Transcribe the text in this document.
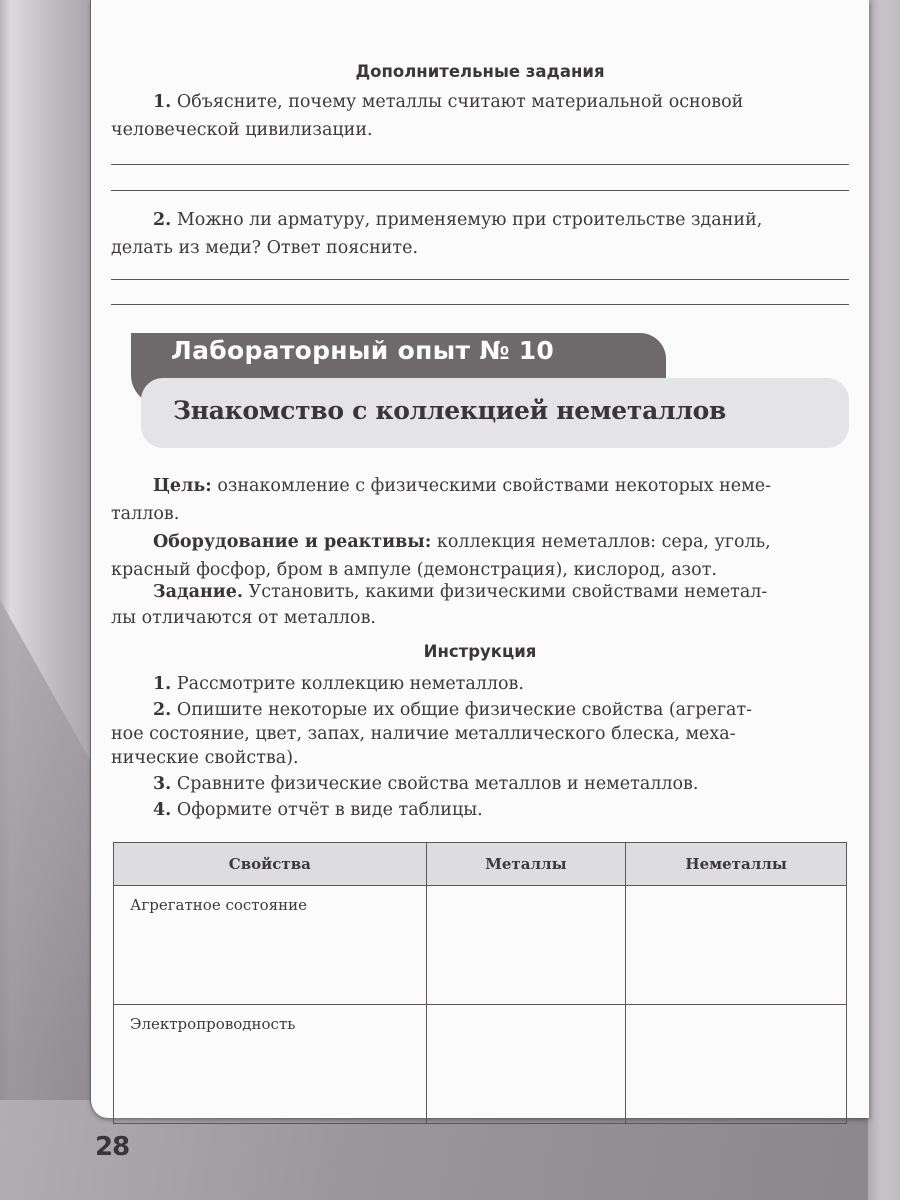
Дополнительные задания
1. Объясните, почему металлы считают материальной основой
человеческой цивилизации.
2. Можно ли арматуру, применяемую при строительстве зданий,
делать из меди? Ответ поясните.
Лабораторный опыт № 10
Знакомство с коллекцией неметаллов
Цель: ознакомление с физическими свойствами некоторых неме-
таллов.
Оборудование и реактивы: коллекция неметаллов: сера, уголь,
красный фосфор, бром в ампуле (демонстрация), кислород, азот.
Задание. Установить, какими физическими свойствами неметал-
лы отличаются от металлов.
Инструкция
1. Рассмотрите коллекцию неметаллов.
2. Опишите некоторые их общие физические свойства (агрегат-
ное состояние, цвет, запах, наличие металлического блеска, меха-
нические свойства).
3. Сравните физические свойства металлов и неметаллов.
4. Оформите отчёт в виде таблицы.
Свойства	Металлы	Неметаллы
Агрегатное состояние		
Электропроводность		
28
